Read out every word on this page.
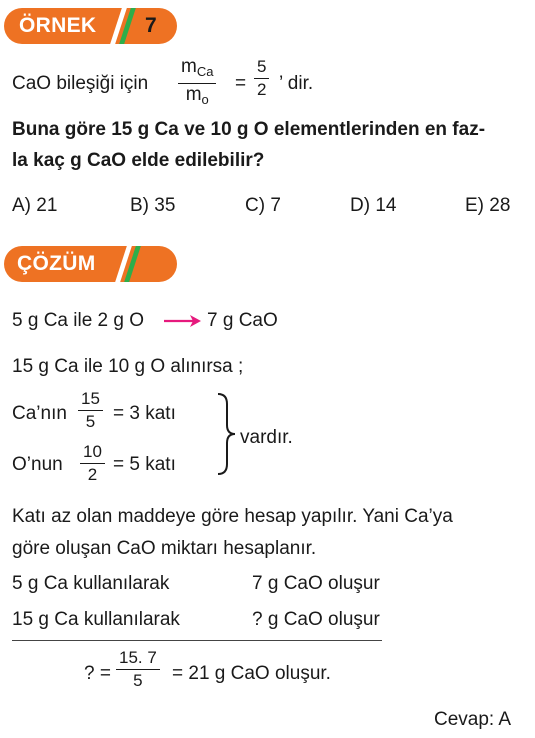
ÖRNEK 7
CaO bileşiği için
$m_{Ca}$
$m_o$
= $\frac{5}{2}$ ’ dir.
Buna göre 15 g Ca ve 10 g O elementlerinden en faz-
la kaç g CaO elde edilebilir?
A) 21	B) 35	C) 7	D) 14	E) 28
ÇÖZÜM
5 g Ca ile 2 g O → 7 g CaO
15 g Ca ile 10 g O alınırsa ;
Ca’nın $\frac{15}{5} = 3$ katı
O’nun $\frac{10}{2} = 5$ katı
vardır.
Katı az olan maddeye göre hesap yapılır. Yani Ca’ya
göre oluşan CaO miktarı hesaplanır.
5 g Ca kullanılarak	7 g CaO oluşur
15 g Ca kullanılarak	? g CaO oluşur
? = $\frac{15. 7}{5} = 21$ g CaO oluşur.
Cevap: A
